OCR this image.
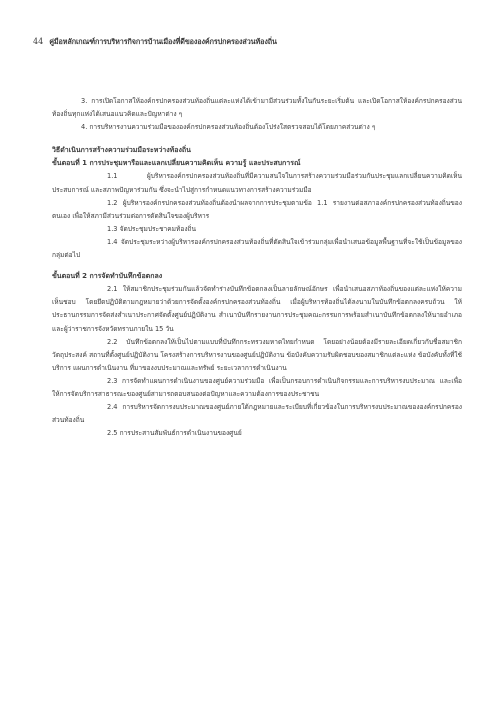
44 คู่มือหลักเกณฑ์การบริหารกิจการบ้านเมืองที่ดีขององค์กรปกครองส่วนท้องถิ่น

3. การเปิดโอกาสให้องค์กรปกครองส่วนท้องถิ่นแต่ละแห่งได้เข้ามามีส่วนร่วมทั้งในกันระยะเริ่มต้น และเปิดโอกาสให้องค์กรปกครองส่วนท้องถิ่นทุกแห่งได้เสนอแนวคิดและปัญหาต่าง ๆ

4. การบริหารงานความร่วมมือขององค์กรปกครองส่วนท้องถิ่นต้องโปร่งใสตรวจสอบได้โดยภาคส่วนต่าง ๆ

วิธีดำเนินการสร้างความร่วมมือระหว่างท้องถิ่น

ขั้นตอนที่ 1 การประชุมหารือและแลกเปลี่ยนความคิดเห็น ความรู้ และประสบการณ์

1.1 ผู้บริหารองค์กรปกครองส่วนท้องถิ่นที่มีความสนใจในการสร้างความร่วมมือร่วมกันประชุมแลกเปลี่ยนความคิดเห็น ประสบการณ์ และสภาพปัญหาร่วมกัน ซึ่งจะนำไปสู่การกำหนดแนวทางการสร้างความร่วมมือ

1.2 ผู้บริหารองค์กรปกครองส่วนท้องถิ่นต้องนำผลจากการประชุมตามข้อ 1.1 รายงานต่อสภาองค์กรปกครองส่วนท้องถิ่นของตนเอง เพื่อให้สภามีส่วนร่วมต่อการตัดสินใจของผู้บริหาร

1.3 จัดประชุมประชาคมท้องถิ่น

1.4 จัดประชุมระหว่างผู้บริหารองค์กรปกครองส่วนท้องถิ่นที่ตัดสินใจเข้าร่วมกลุ่มเพื่อนำเสนอข้อมูลพื้นฐานที่จะใช้เป็นข้อมูลของกลุ่มต่อไป

ขั้นตอนที่ 2 การจัดทำบันทึกข้อตกลง

2.1 ให้สมาชิกประชุมร่วมกันแล้วจัดทำร่างบันทึกข้อตกลงเป็นลายลักษณ์อักษร เพื่อนำเสนอสภาท้องถิ่นของแต่ละแห่งให้ความเห็นชอบ โดยยึดปฏิบัติตามกฎหมายว่าด้วยการจัดตั้งองค์กรปกครองส่วนท้องถิ่น เมื่อผู้บริหารท้องถิ่นได้ลงนามในบันทึกข้อตกลงครบถ้วน ให้ประธานกรรมการจัดส่งสำเนาประกาศจัดตั้งศูนย์ปฏิบัติงาน สำเนาบันทึกรายงานการประชุมคณะกรรมการพร้อมสำเนาบันทึกข้อตกลงให้นายอำเภอและผู้ว่าราชการจังหวัดทราบภายใน 15 วัน

2.2 บันทึกข้อตกลงให้เป็นไปตามแบบที่บันทึกกระทรวงมหาดไทยกำหนด โดยอย่างน้อยต้องมีรายละเอียดเกี่ยวกับชื่อสมาชิก วัตถุประสงค์ สถานที่ตั้งศูนย์ปฏิบัติงาน โครงสร้างการบริหารงานของศูนย์ปฏิบัติงาน ข้อบังคับความรับผิดชอบของสมาชิกแต่ละแห่ง ข้อบังคับทั้งที่ใช้บริการ แผนการดำเนินงาน ที่มาของงบประมาณและทรัพย์ ระยะเวลาการดำเนินงาน

2.3 การจัดทำแผนการดำเนินงานของศูนย์ความร่วมมือ เพื่อเป็นกรอบการดำเนินกิจกรรมและการบริหารงบประมาณ และเพื่อให้การจัดบริการสาธารณะของศูนย์สามารถตอบสนองต่อปัญหาและความต้องการของประชาชน

2.4 การบริหารจัดการงบประมาณของศูนย์ภายใต้กฎหมายและระเบียบที่เกี่ยวข้องในการบริหารงบประมาณขององค์กรปกครองส่วนท้องถิ่น

2.5 การประสานสัมพันธ์การดำเนินงานของศูนย์
